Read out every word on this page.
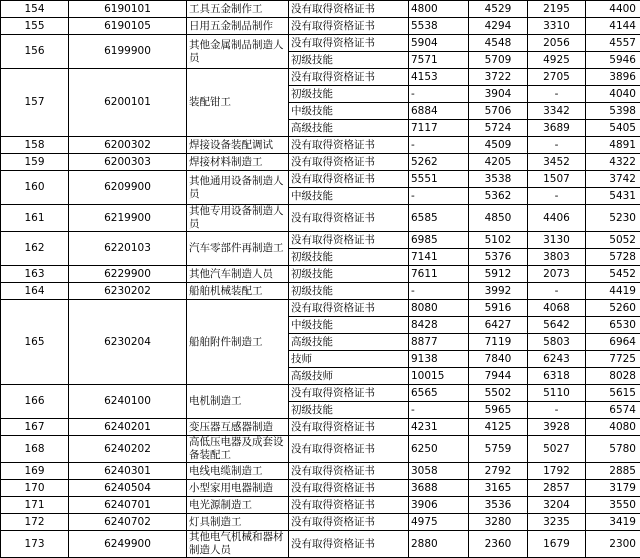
154	6190101	工具五金制作工	没有取得资格证书	4800	4529	2195	4400
155	6190105	日用五金制品制作	没有取得资格证书	5538	4294	3310	4144
156	6199900	其他金属制品制造人员	没有取得资格证书	5904	4548	2056	4557
			初级技能	7571	5709	4925	5946
157	6200101	装配钳工	没有取得资格证书	4153	3722	2705	3896
			初级技能	-	3904	-	4040
			中级技能	6884	5706	3342	5398
			高级技能	7117	5724	3689	5405
158	6200302	焊接设备装配调试	没有取得资格证书	-	4509	-	4891
159	6200303	焊接材料制造工	没有取得资格证书	5262	4205	3452	4322
160	6209900	其他通用设备制造人员	没有取得资格证书	5551	3538	1507	3742
			中级技能	-	5362	-	5431
161	6219900	其他专用设备制造人员	没有取得资格证书	6585	4850	4406	5230
162	6220103	汽车零部件再制造工	没有取得资格证书	6985	5102	3130	5052
			初级技能	7141	5376	3803	5728
163	6229900	其他汽车制造人员	初级技能	7611	5912	2073	5452
164	6230202	船舶机械装配工	初级技能	-	3992	-	4419
165	6230204	船舶附件制造工	没有取得资格证书	8080	5916	4068	5260
			中级技能	8428	6427	5642	6530
			高级技能	8877	7119	5803	6964
			技师	9138	7840	6243	7725
			高级技师	10015	7944	6318	8028
166	6240100	电机制造工	没有取得资格证书	6565	5502	5110	5615
			初级技能	-	5965	-	6574
167	6240201	变压器互感器制造	没有取得资格证书	4231	4125	3928	4080
168	6240202	高低压电器及成套设备装配工	没有取得资格证书	6250	5759	5027	5780
169	6240301	电线电缆制造工	没有取得资格证书	3058	2792	1792	2885
170	6240504	小型家用电器制造	没有取得资格证书	3688	3165	2857	3179
171	6240701	电光源制造工	没有取得资格证书	3906	3536	3204	3550
172	6240702	灯具制造工	没有取得资格证书	4975	3280	3235	3419
173	6249900	其他电气机械和器材制造人员	没有取得资格证书	2880	2360	1679	2300
